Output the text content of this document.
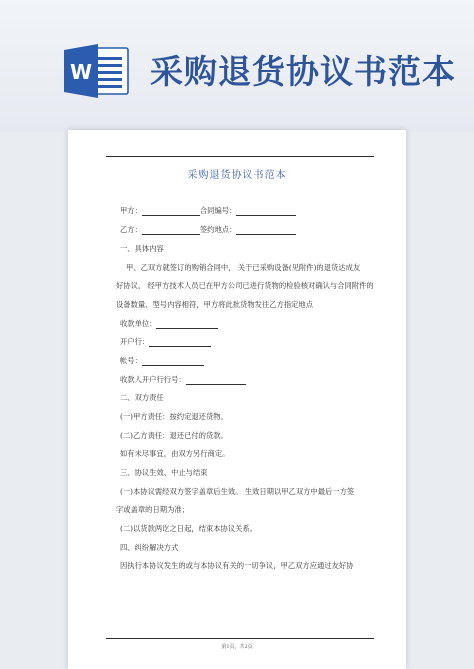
W 采购退货协议书范本
采购退货协议书范本
甲方：	合同编号：
乙方：	签约地点：
一、具体内容
甲、乙双方就签订的购销合同中， 关于已采购设备(见附件)的退货达成友
好协议， 经甲方技术人员已在甲方公司已进行货物的检验核对确认与合同附件的
设备数量、型号内容相符，甲方将此批货物发往乙方指定地点
收款单位：
开户行：
帐号：
收款人开户行行号：
二、双方责任
(一)甲方责任：按约定退还货物。
(二)乙方责任：退还已付的货款。
如有未尽事宜，由双方另行商定。
三、协议生效、中止与结束
(一)本协议需经双方签字盖章后生效。 生效日期以甲乙双方中最后一方签
字或盖章的日期为准；
(二)以货款两讫之日起，结束本协议关系。
四、纠纷解决方式
因执行本协议发生的或与本协议有关的一切争议，甲乙双方应通过友好协
第1页，共2页
